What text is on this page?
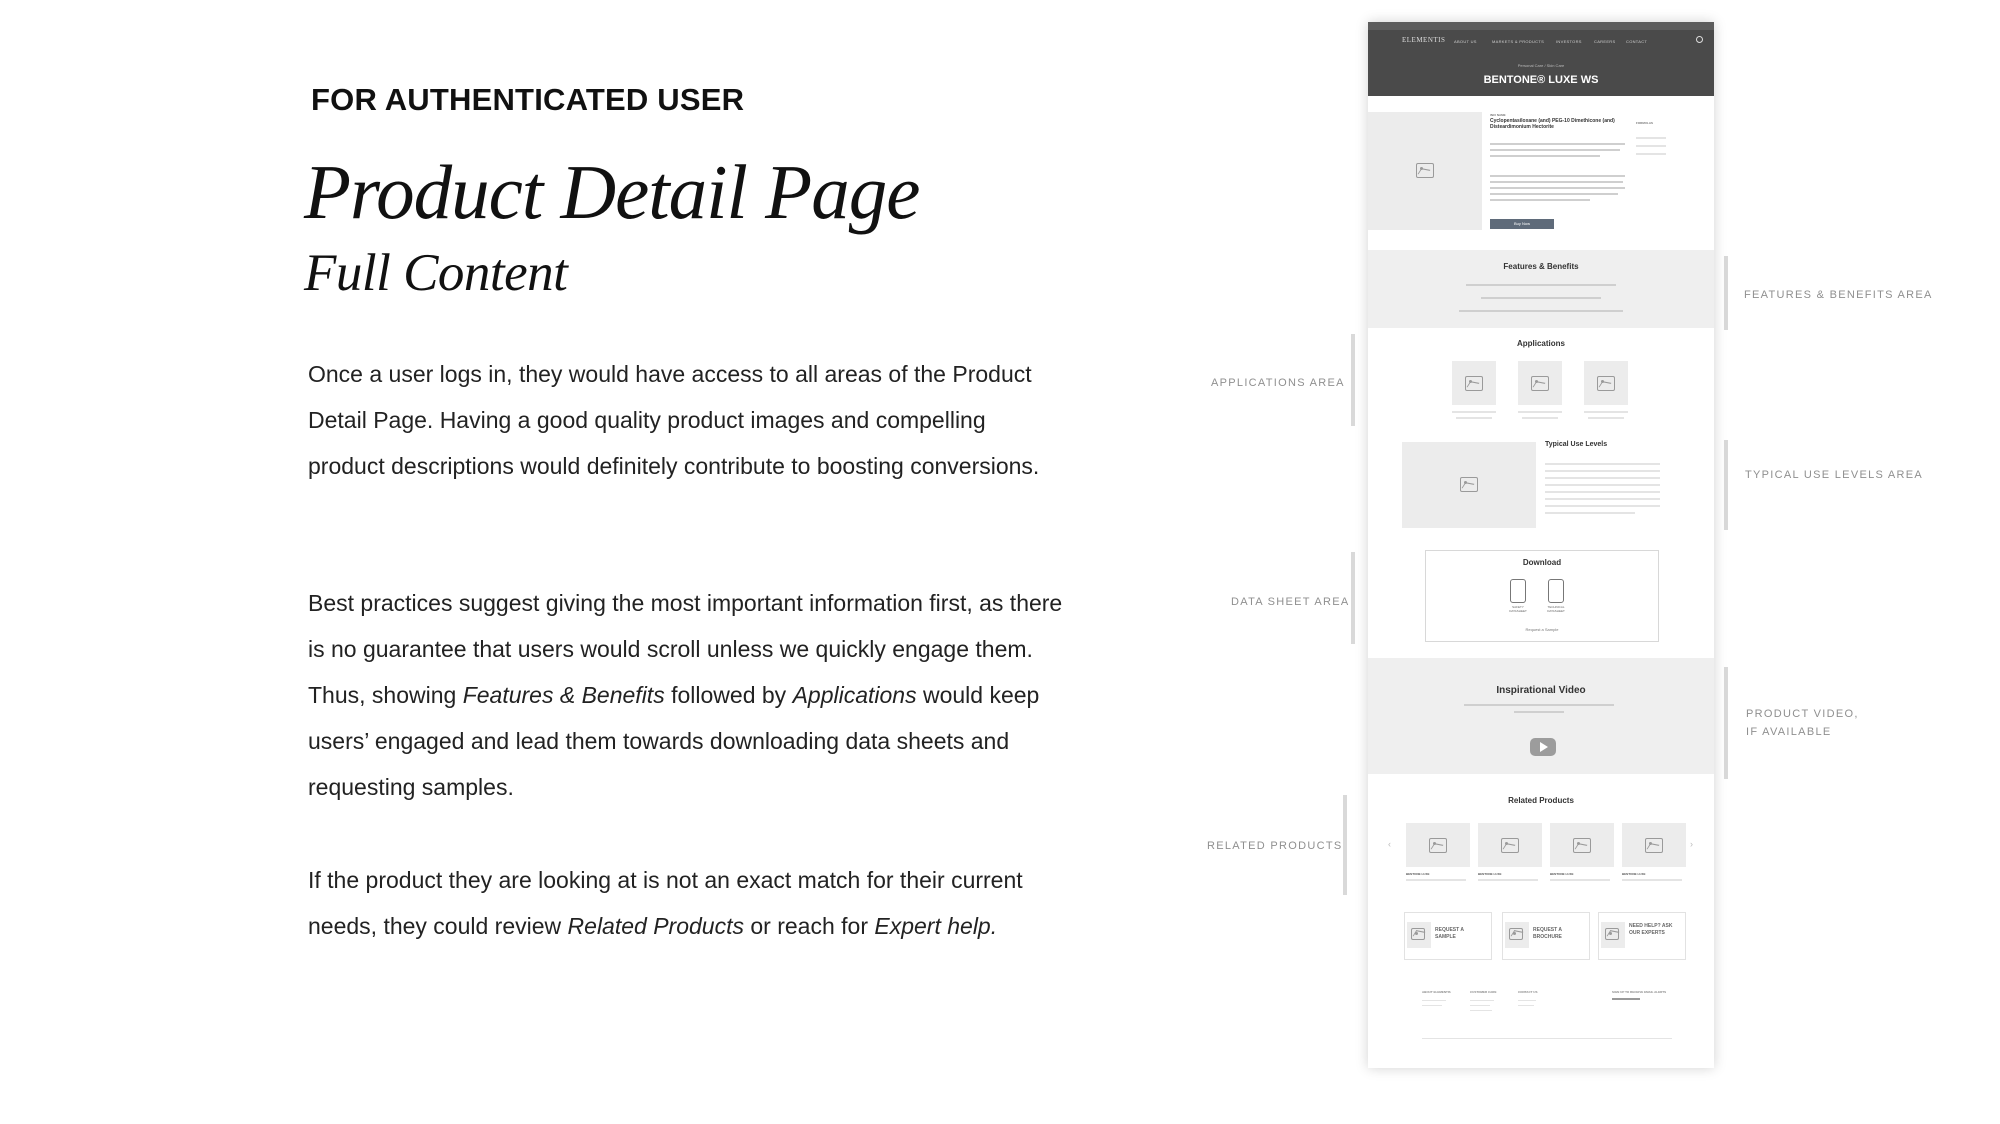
FOR AUTHENTICATED USER
Product Detail Page
Full Content
Once a user logs in, they would have access to all areas of the Product Detail Page. Having a good quality product images and compelling product descriptions would definitely contribute to boosting conversions.
Best practices suggest giving the most important information first, as there is no guarantee that users would scroll unless we quickly engage them. Thus, showing Features & Benefits followed by Applications would keep users’ engaged and lead them towards downloading data sheets and requesting samples.
If the product they are looking at is not an exact match for their current needs, they could review Related Products or reach for Expert help.
APPLICATIONS AREA
DATA SHEET AREA
RELATED PRODUCTS
FEATURES & BENEFITS AREA
TYPICAL USE LEVELS AREA
PRODUCT VIDEO,
IF AVAILABLE
ELEMENTIS ABOUT US	MARKETS & PRODUCTS	INVESTORS	CAREERS	CONTACT
Personal Care / Skin Care
BENTONE® LUXE WS
INCI NAME
Cyclopentasiloxane (and) PEG-10 Dimethicone (and) Disteardimonium Hectorite
FORMULAS
Buy Now
Features & Benefits
Applications
Typical Use Levels
Download
SAFETY DATASHEET
TECHNICAL DATASHEET
Request a Sample
Inspirational Video
Related Products
‹	›
BENTONE LUXE	BENTONE LUXE	BENTONE LUXE	BENTONE LUXE
REQUEST A SAMPLE
REQUEST A BROCHURE
NEED HELP? ASK OUR EXPERTS
ABOUT ELEMENTIS	CUSTOMER CARE	CONTACT US	SIGN UP TO RECEIVE EMAIL ALERTS
